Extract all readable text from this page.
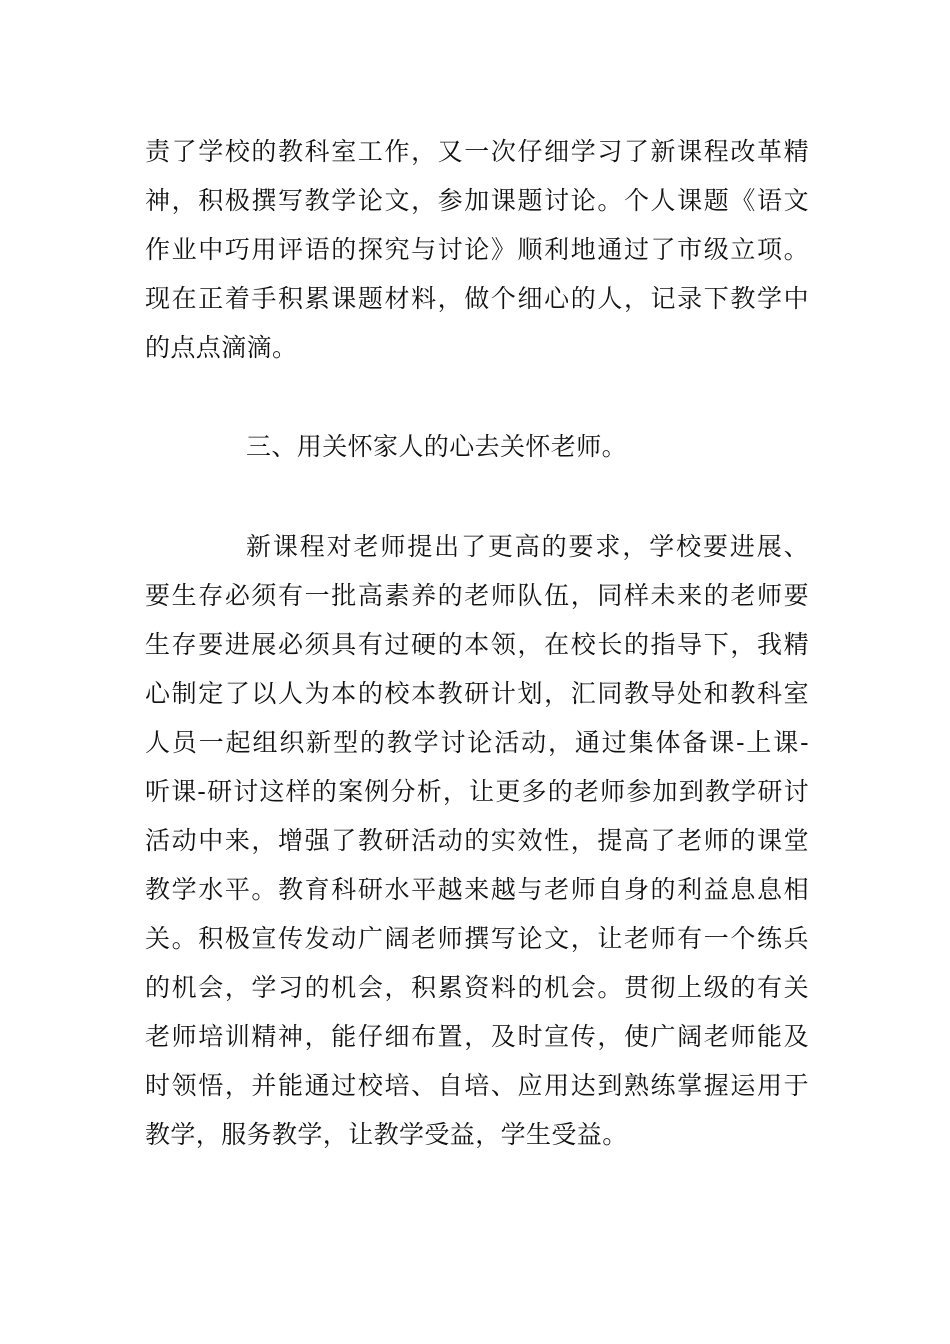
责了学校的教科室工作，又一次仔细学习了新课程改革精
神，积极撰写教学论文，参加课题讨论。个人课题《语文
作业中巧用评语的探究与讨论》顺利地通过了市级立项。
现在正着手积累课题材料，做个细心的人，记录下教学中
的点点滴滴。
三、用关怀家人的心去关怀老师。
新课程对老师提出了更高的要求，学校要进展、
要生存必须有一批高素养的老师队伍，同样未来的老师要
生存要进展必须具有过硬的本领，在校长的指导下，我精
心制定了以人为本的校本教研计划，汇同教导处和教科室
人员一起组织新型的教学讨论活动，通过集体备课-上课-
听课-研讨这样的案例分析，让更多的老师参加到教学研讨
活动中来，增强了教研活动的实效性，提高了老师的课堂
教学水平。教育科研水平越来越与老师自身的利益息息相
关。积极宣传发动广阔老师撰写论文，让老师有一个练兵
的机会，学习的机会，积累资料的机会。贯彻上级的有关
老师培训精神，能仔细布置，及时宣传，使广阔老师能及
时领悟，并能通过校培、自培、应用达到熟练掌握运用于
教学，服务教学，让教学受益，学生受益。
